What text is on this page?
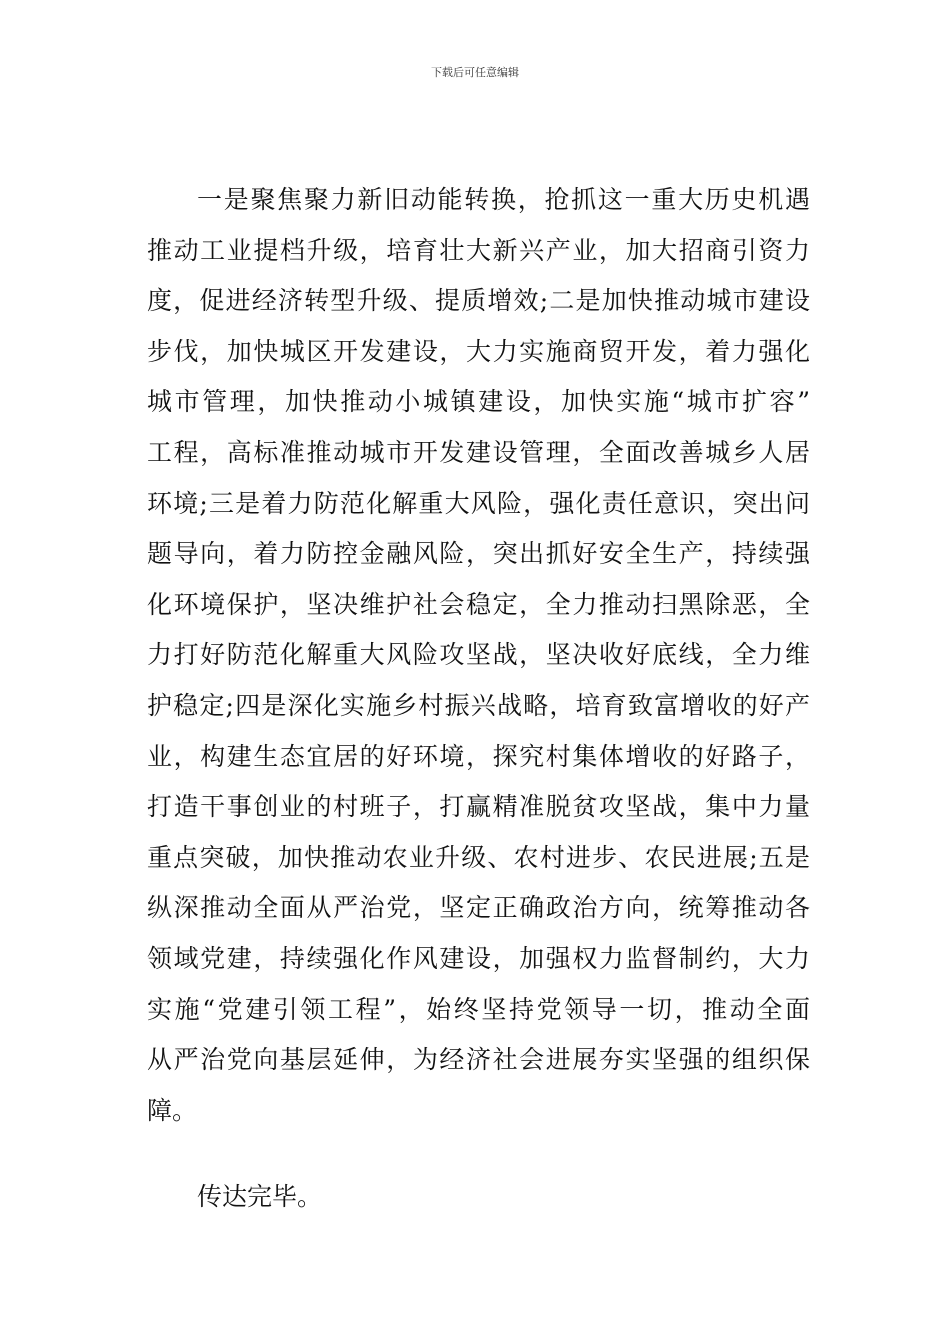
下载后可任意编辑
一是聚焦聚力新旧动能转换，抢抓这一重大历史机遇
推动工业提档升级，培育壮大新兴产业，加大招商引资力
度，促进经济转型升级、提质增效;二是加快推动城市建设
步伐，加快城区开发建设，大力实施商贸开发，着力强化
城市管理，加快推动小城镇建设，加快实施“城市扩容”
工程，高标准推动城市开发建设管理，全面改善城乡人居
环境;三是着力防范化解重大风险，强化责任意识，突出问
题导向，着力防控金融风险，突出抓好安全生产，持续强
化环境保护，坚决维护社会稳定，全力推动扫黑除恶，全
力打好防范化解重大风险攻坚战，坚决收好底线，全力维
护稳定;四是深化实施乡村振兴战略，培育致富增收的好产
业，构建生态宜居的好环境，探究村集体增收的好路子，
打造干事创业的村班子，打赢精准脱贫攻坚战，集中力量
重点突破，加快推动农业升级、农村进步、农民进展;五是
纵深推动全面从严治党，坚定正确政治方向，统筹推动各
领域党建，持续强化作风建设，加强权力监督制约，大力
实施“党建引领工程”，始终坚持党领导一切，推动全面
从严治党向基层延伸，为经济社会进展夯实坚强的组织保
障。
传达完毕。
